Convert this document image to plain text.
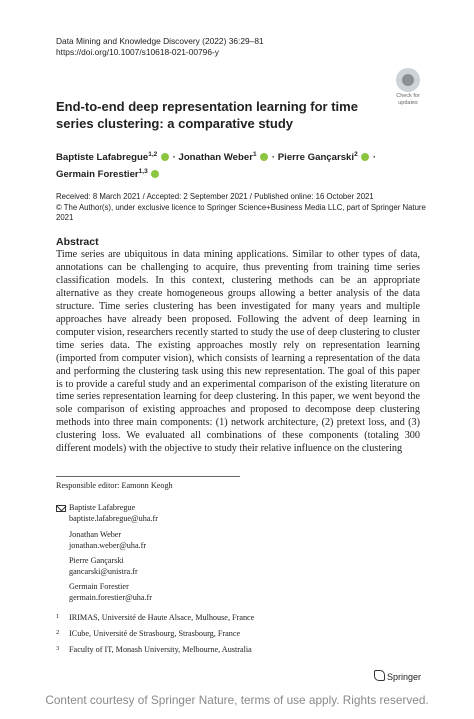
Data Mining and Knowledge Discovery (2022) 36:29–81
https://doi.org/10.1007/s10618-021-00796-y
Check for
updates
End-to-end deep representation learning for time series clustering: a comparative study
Baptiste Lafabregue$^{1,2}$  · Jonathan Weber$^1$  · Pierre Gançarski$^2$  ·
Germain Forestier$^{1,3}$
Received: 8 March 2021 / Accepted: 2 September 2021 / Published online: 16 October 2021
© The Author(s), under exclusive licence to Springer Science+Business Media LLC, part of Springer Nature 2021
Abstract
Time series are ubiquitous in data mining applications. Similar to other types of data, annotations can be challenging to acquire, thus preventing from training time series classification models. In this context, clustering methods can be an appropriate alternative as they create homogeneous groups allowing a better analysis of the data structure. Time series clustering has been investigated for many years and multiple approaches have already been proposed. Following the advent of deep learning in computer vision, researchers recently started to study the use of deep clustering to cluster time series data. The existing approaches mostly rely on representation learning (imported from computer vision), which consists of learning a representation of the data and performing the clustering task using this new representation. The goal of this paper is to provide a careful study and an experimental comparison of the existing literature on time series representation learning for deep clustering. In this paper, we went beyond the sole comparison of existing approaches and proposed to decompose deep clustering methods into three main components: (1) network architecture, (2) pretext loss, and (3) clustering loss. We evaluated all combinations of these components (totaling 300 different models) with the objective to study their relative influence on the clustering
Responsible editor: Eamonn Keogh
Baptiste Lafabregue
baptiste.lafabregue@uha.fr
Jonathan Weber
jonathan.weber@uha.fr
Pierre Gançarski
gancarski@unistra.fr
Germain Forestier
germain.forestier@uha.fr
1 IRIMAS, Université de Haute Alsace, Mulhouse, France
2 ICube, Université de Strasbourg, Strasbourg, France
3 Faculty of IT, Monash University, Melbourne, Australia
Springer
Content courtesy of Springer Nature, terms of use apply. Rights reserved.
